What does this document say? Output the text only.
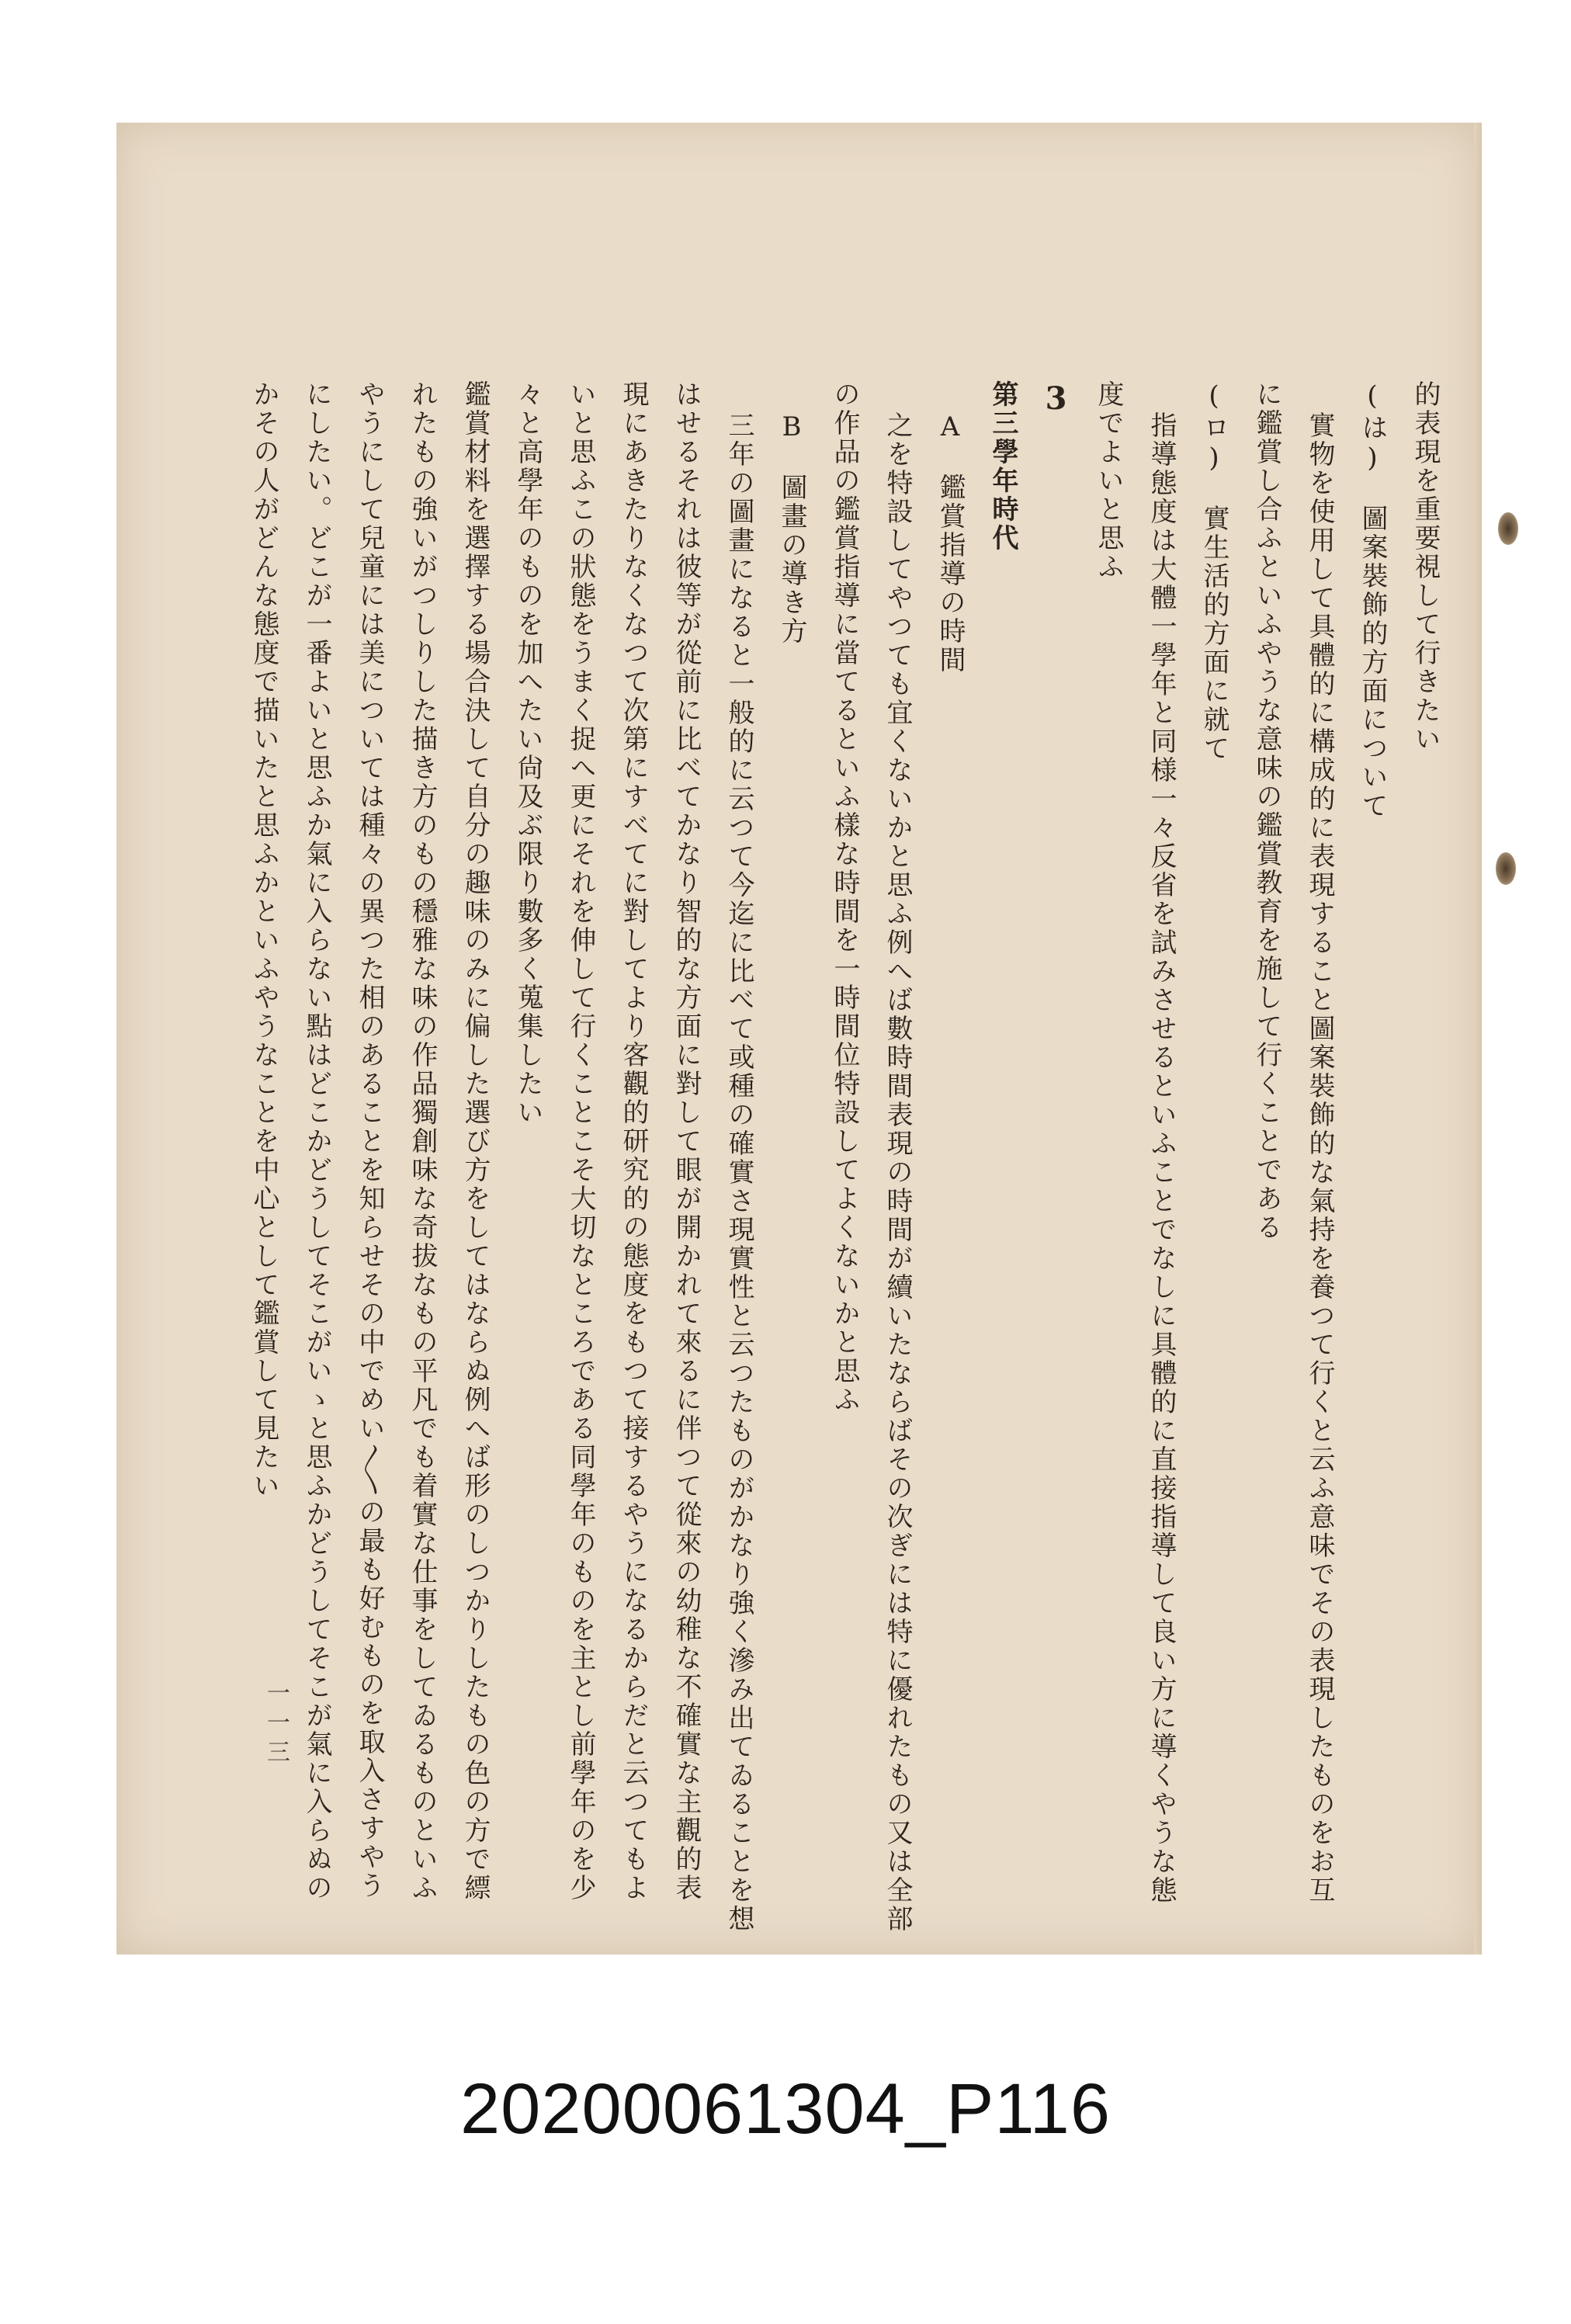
的表現を重要視して行きたい
(は)　圖案裝飾的方面について
實物を使用して具體的に構成的に表現すること圖案裝飾的な氣持を養つて行くと云ふ意味でその表現したものをお互
に鑑賞し合ふといふやうな意味の鑑賞教育を施して行くことである
(ロ)　實生活的方面に就て
指導態度は大體一學年と同様一々反省を試みさせるといふことでなしに具體的に直接指導して良い方に導くやうな態
度でよいと思ふ
3
第三學年時代
A　鑑賞指導の時間
之を特設してやつても宜くないかと思ふ例へば數時間表現の時間が續いたならばその次ぎには特に優れたもの又は全部
の作品の鑑賞指導に當てるといふ樣な時間を一時間位特設してよくないかと思ふ
B　圖畫の導き方
三年の圖畫になると一般的に云つて今迄に比べて或種の確實さ現實性と云つたものがかなり強く滲み出てゐることを想
はせるそれは彼等が從前に比べてかなり智的な方面に對して眼が開かれて來るに伴つて從來の幼稚な不確實な主觀的表
現にあきたりなくなつて次第にすべてに對してより客觀的研究的の態度をもつて接するやうになるからだと云つてもよ
いと思ふこの狀態をうまく捉へ更にそれを伸して行くことこそ大切なところである同學年のものを主とし前學年のを少
々と高學年のものを加へたい尙及ぶ限り數多く蒐集したい
鑑賞材料を選擇する場合決して自分の趣味のみに偏した選び方をしてはならぬ例へば形のしつかりしたもの色の方で縹
れたもの強いがつしりした描き方のもの穩雅な味の作品獨創味な奇拔なもの平凡でも着實な仕事をしてゐるものといふ
やうにして兒童には美については種々の異つた相のあることを知らせその中でめい〳〵の最も好むものを取入さすやう
にしたい。どこが一番よいと思ふか氣に入らない點はどこかどうしてそこがいゝと思ふかどうしてそこが氣に入らぬの
かその人がどんな態度で描いたと思ふかといふやうなことを中心として鑑賞して見たい
一一三
20200061304_P116
